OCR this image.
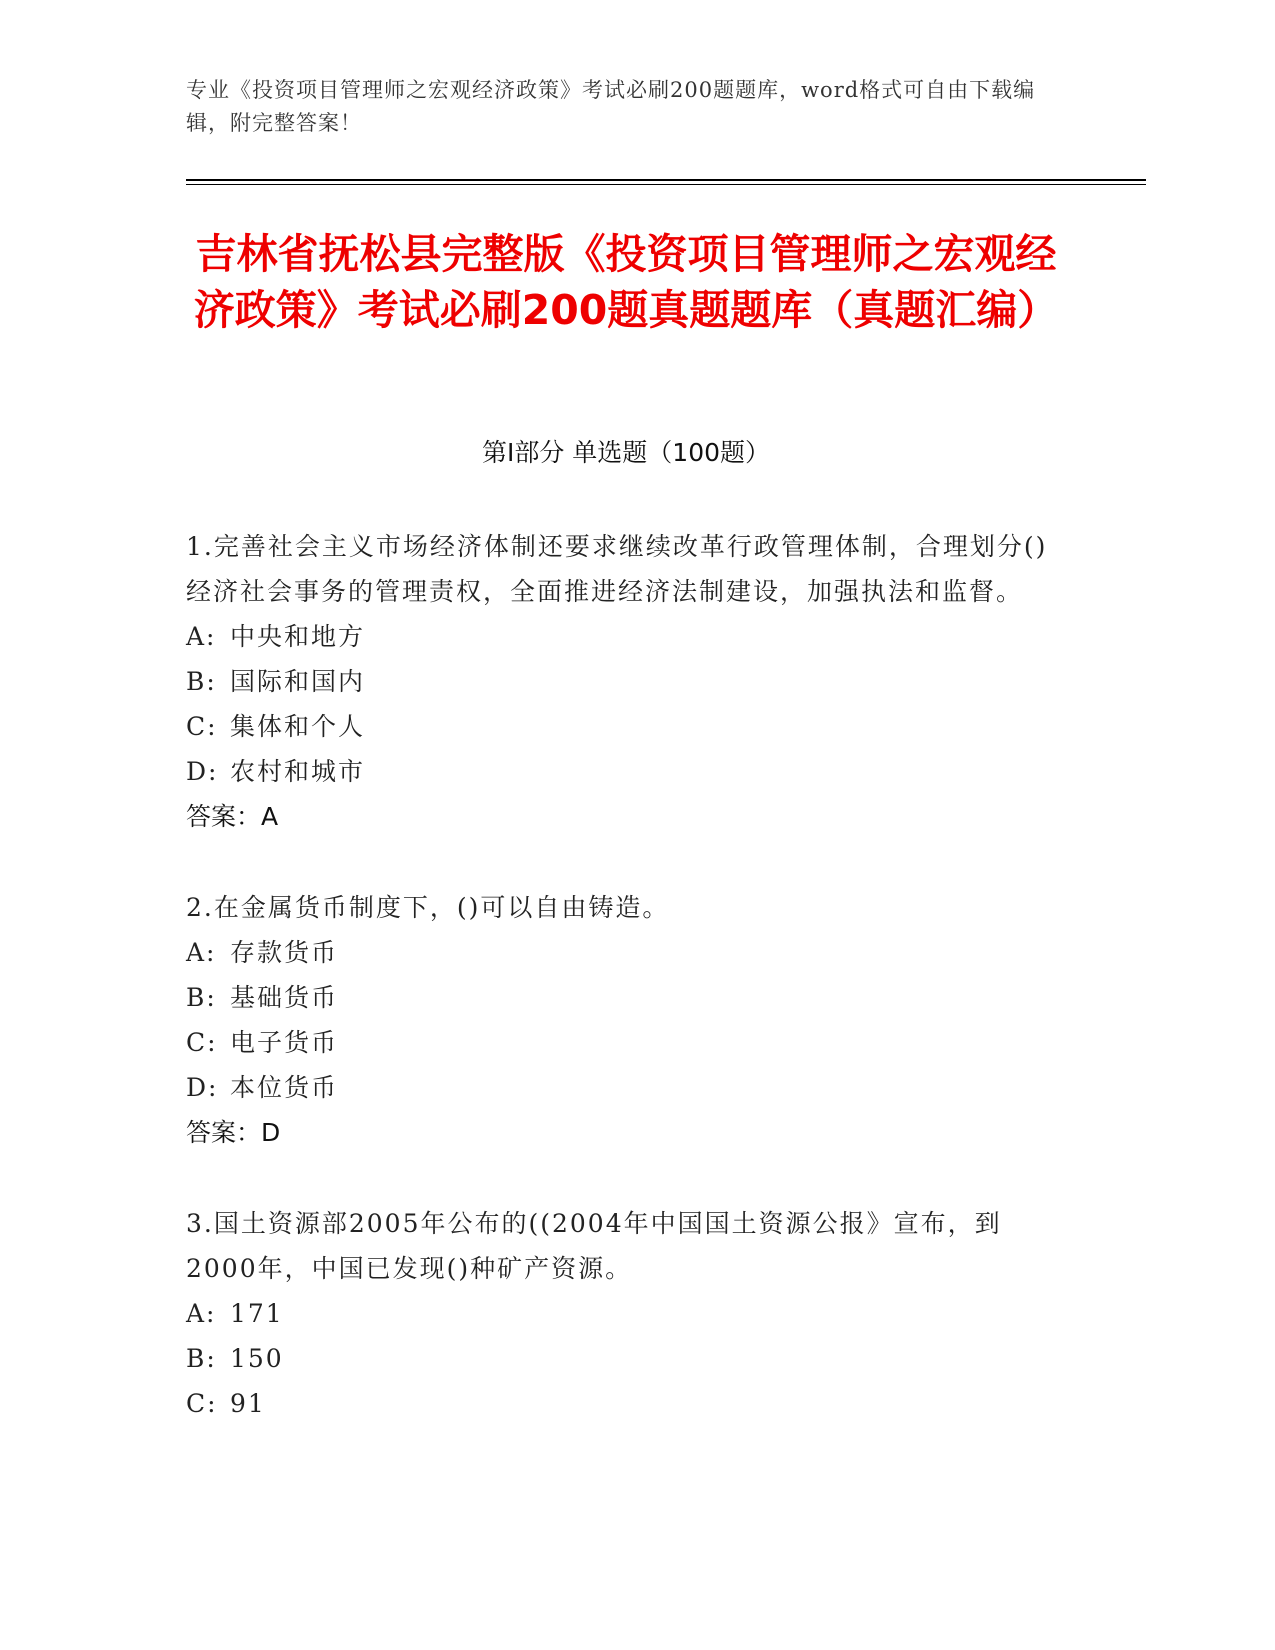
专业《投资项目管理师之宏观经济政策》考试必刷200题题库，word格式可自由下载编辑，附完整答案！
吉林省抚松县完整版《投资项目管理师之宏观经济政策》考试必刷200题真题题库（真题汇编）
第I部分 单选题（100题）
1.完善社会主义市场经济体制还要求继续改革行政管理体制，合理划分()经济社会事务的管理责权，全面推进经济法制建设，加强执法和监督。
A: 中央和地方
B: 国际和国内
C: 集体和个人
D: 农村和城市
答案：A
2.在金属货币制度下，()可以自由铸造。
A: 存款货币
B: 基础货币
C: 电子货币
D: 本位货币
答案：D
3.国土资源部2005年公布的((2004年中国国土资源公报》宣布，到2000年，中国已发现()种矿产资源。
A: 171
B: 150
C: 91
